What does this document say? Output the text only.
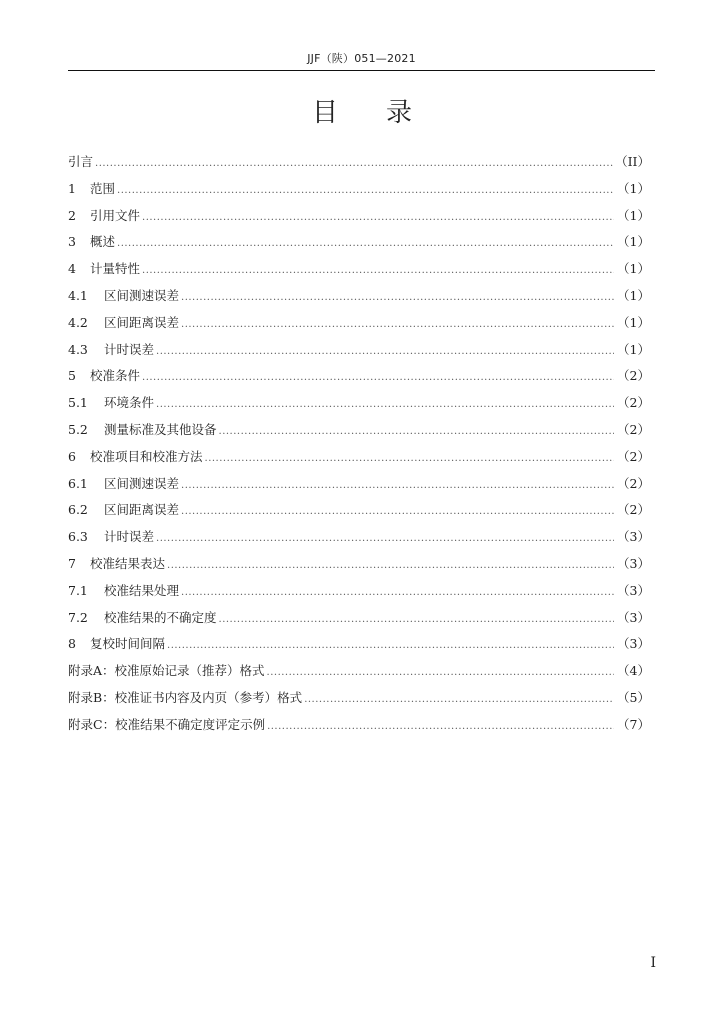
JJF（陕）051—2021
目 录
引言 .....	（II）
1 范围 .....	（1）
2 引用文件 .....	（1）
3 概述 .....	（1）
4 计量特性 .....	（1）
4.1 区间测速误差 .....	（1）
4.2 区间距离误差 .....	（1）
4.3 计时误差 .....	（1）
5 校准条件 .....	（2）
5.1 环境条件 .....	（2）
5.2 测量标准及其他设备 .....	（2）
6 校准项目和校准方法 .....	（2）
6.1 区间测速误差 .....	（2）
6.2 区间距离误差 .....	（2）
6.3 计时误差 .....	（3）
7 校准结果表达 .....	（3）
7.1 校准结果处理 .....	（3）
7.2 校准结果的不确定度 .....	（3）
8 复校时间间隔 .....	（3）
附录A：校准原始记录（推荐）格式 .....	（4）
附录B：校准证书内容及内页（参考）格式 .....	（5）
附录C：校准结果不确定度评定示例 .....	（7）
I
